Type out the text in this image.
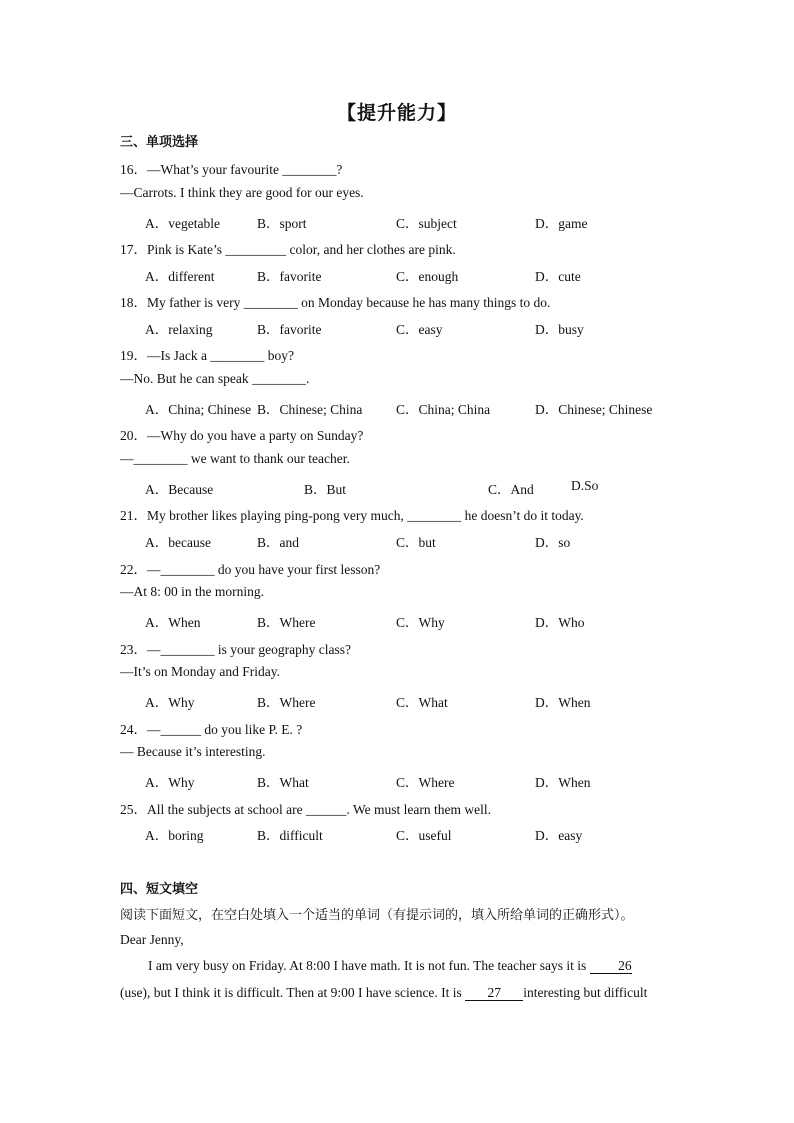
【提升能力】
三、单项选择
16．—What’s your favourite ________?
—Carrots. I think they are good for our eyes.
A．vegetable	B．sport	C．subject	D．game
17．Pink is Kate’s _________ color, and her clothes are pink.
A．different	B．favorite	C．enough	D．cute
18．My father is very ________ on Monday because he has many things to do.
A．relaxing	B．favorite	C．easy	D．busy
19．—Is Jack a ________ boy?
—No. But he can speak ________.
A．China; Chinese B．Chinese; China C．China; China	D．Chinese; Chinese
20．—Why do you have a party on Sunday?
—________ we want to thank our teacher.
A．Because	B．But	C．And	D.So
21．My brother likes playing ping-pong very much, ________ he doesn’t do it today.
A．because	B．and	C．but	D．so
22．—________ do you have your first lesson?
—At 8: 00 in the morning.
A．When	B．Where	C．Why	D．Who
23．—________ is your geography class?
—It’s on Monday and Friday.
A．Why	B．Where	C．What	D．When
24．—______ do you like P. E. ?
— Because it’s interesting.
A．Why	B．What	C．Where	D．When
25．All the subjects at school are ______. We must learn them well.
A．boring	B．difficult	C．useful	D．easy
四、短文填空
阅读下面短文，在空白处填入一个适当的单词（有提示词的，填入所给单词的正确形式）。
Dear Jenny,
I am very busy on Friday. At 8:00 I have math. It is not fun. The teacher says it is 26
(use), but I think it is difficult. Then at 9:00 I have science. It is 27 interesting but difficult
